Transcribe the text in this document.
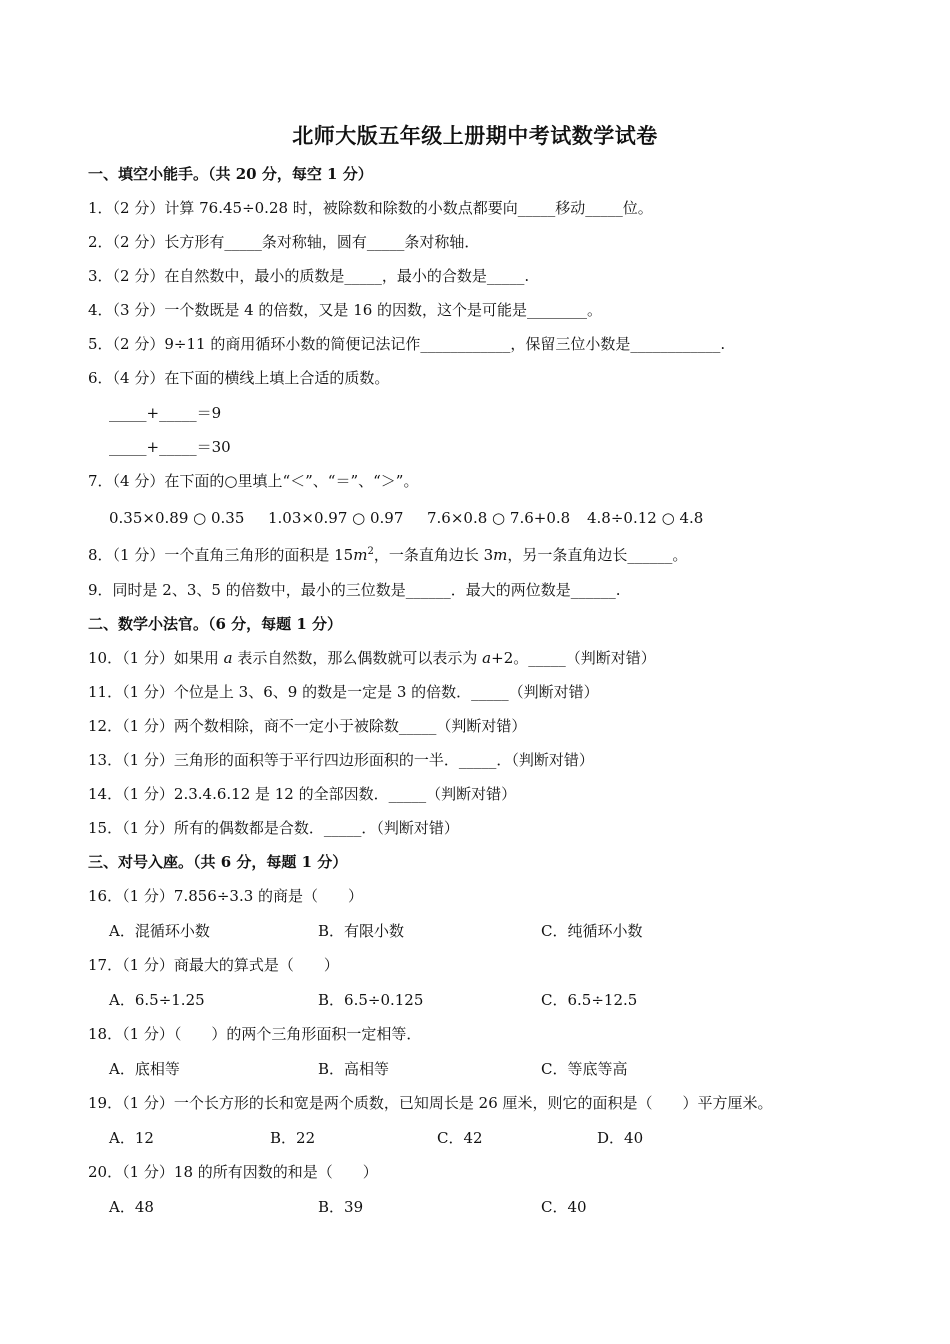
北师大版五年级上册期中考试数学试卷
一、填空小能手。（共 20 分，每空 1 分）
1．（2 分）计算 76.45÷0.28 时，被除数和除数的小数点都要向_____移动_____位。
2．（2 分）长方形有_____条对称轴，圆有_____条对称轴．
3．（2 分）在自然数中，最小的质数是_____，最小的合数是_____.
4．（3 分）一个数既是 4 的倍数，又是 16 的因数，这个是可能是________。
5．（2 分）9÷11 的商用循环小数的简便记法记作____________，保留三位小数是____________.
6．（4 分）在下面的横线上填上合适的质数。
_____+_____＝9
_____+_____＝30
7．（4 分）在下面的○里填上“＜”、“＝”、“＞”。
0.35×0.89 ○ 0.35 1.03×0.97 ○ 0.97 7.6×0.8 ○ 7.6+0.8 4.8÷0.12 ○ 4.8
8．（1 分）一个直角三角形的面积是 $15m^2$，一条直角边长 3m，另一条直角边长______。
9．同时是 2、3、5 的倍数中，最小的三位数是______．最大的两位数是______.
二、数学小法官。（6 分，每题 1 分）
10．（1 分）如果用 a 表示自然数，那么偶数就可以表示为 a+2。_____（判断对错）
11．（1 分）个位是上 3、6、9 的数是一定是 3 的倍数．_____（判断对错）
12．（1 分）两个数相除，商不一定小于被除数_____（判断对错）
13．（1 分）三角形的面积等于平行四边形面积的一半．_____．（判断对错）
14．（1 分）2.3.4.6.12 是 12 的全部因数．_____（判断对错）
15．（1 分）所有的偶数都是合数．_____．（判断对错）
三、对号入座。（共 6 分，每题 1 分）
16．（1 分）7.856÷3.3 的商是（　　）
A．混循环小数	B．有限小数	C．纯循环小数
17．（1 分）商最大的算式是（　　）
A．6.5÷1.25	B．6.5÷0.125	C．6.5÷12.5
18．（1 分）（　　）的两个三角形面积一定相等．
A．底相等	B．高相等	C．等底等高
19．（1 分）一个长方形的长和宽是两个质数，已知周长是 26 厘米，则它的面积是（　　）平方厘米。
A．12	B．22	C．42	D．40
20．（1 分）18 的所有因数的和是（　　）
A．48	B．39	C．40
